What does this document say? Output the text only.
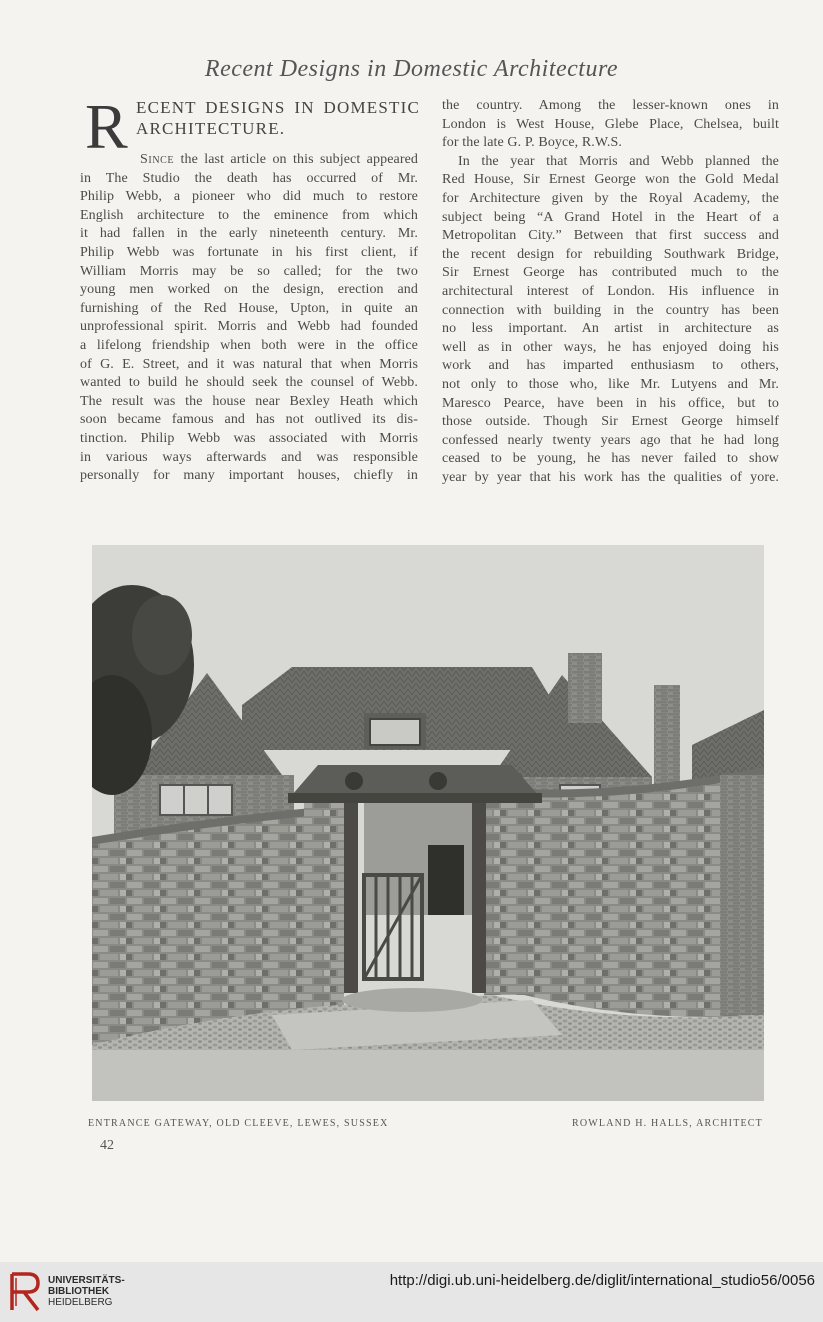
Recent Designs in Domestic Architecture
R ECENT DESIGNS IN DOMESTIC
ARCHITECTURE.
Since the last article on this subject appeared
in The Studio the death has occurred of Mr.
Philip Webb, a pioneer who did much to restore
English architecture to the eminence from which
it had fallen in the early nineteenth century. Mr.
Philip Webb was fortunate in his first client, if
William Morris may be so called; for the two
young men worked on the design, erection and
furnishing of the Red House, Upton, in quite an
unprofessional spirit. Morris and Webb had founded
a lifelong friendship when both were in the office
of G. E. Street, and it was natural that when Morris
wanted to build he should seek the counsel of Webb.
The result was the house near Bexley Heath which
soon became famous and has not outlived its dis-
tinction. Philip Webb was associated with Morris
in various ways afterwards and was responsible
personally for many important houses, chiefly in
the country. Among the lesser-known ones in
London is West House, Glebe Place, Chelsea, built
for the late G. P. Boyce, R.W.S.
In the year that Morris and Webb planned the
Red House, Sir Ernest George won the Gold Medal
for Architecture given by the Royal Academy, the
subject being “A Grand Hotel in the Heart of a
Metropolitan City.” Between that first success and
the recent design for rebuilding Southwark Bridge,
Sir Ernest George has contributed much to the
architectural interest of London. His influence in
connection with building in the country has been
no less important. An artist in architecture as
well as in other ways, he has enjoyed doing his
work and has imparted enthusiasm to others,
not only to those who, like Mr. Lutyens and Mr.
Maresco Pearce, have been in his office, but to
those outside. Though Sir Ernest George himself
confessed nearly twenty years ago that he had long
ceased to be young, he has never failed to show
year by year that his work has the qualities of yore.
ENTRANCE GATEWAY, OLD CLEEVE, LEWES, SUSSEX	ROWLAND H. HALLS, ARCHITECT
42
UNIVERSITÄTS-
BIBLIOTHEK
HEIDELBERG
http://digi.ub.uni-heidelberg.de/diglit/international_studio56/0056
